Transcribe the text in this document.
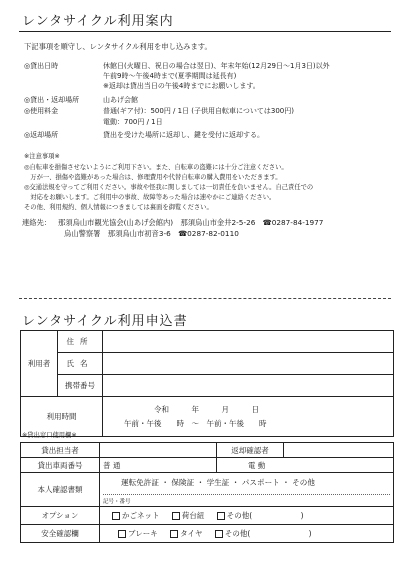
レンタサイクル利用案内
下記事項を順守し、レンタサイクル利用を申し込みます。
◎貸出日時	休館日(火曜日、祝日の場合は翌日)、年末年始(12月29日～1月3日)以外
午前9時～午後4時まで(夏季期間は延長有)
※返却は貸出当日の午後4時までにお願いします。
◎貸出・返却場所	山あげ会館
◎使用料金	普通(ギア付)：500円 / 1日 (子供用自転車については300円)
電動：700円 / 1日
◎返却場所	貸出を受けた場所に返却し、鍵を受付に返却する。
※注意事項※
◎自転車を損傷させないようにご利用下さい。また、自転車の盗難には十分ご注意ください。
　万が一、損傷や盗難があった場合は、修理費用や代替自転車の購入費用をいただきます。
◎交通法規を守ってご利用ください。事故や怪我に関しましては一切責任を負いません。自己責任での
　対応をお願いします。ご利用中の事故、故障等あった場合は速やかにご連絡ください。
その他、利用規約、個人情報につきましては裏面を御覧ください。
連絡先： 那須烏山市観光協会(山あげ会館内)　那須烏山市金井2-5-26　☎0287-84-1977
烏山警察署　那須烏山市初音3-6　☎0287-82-0110
レンタサイクル利用申込書
利用者	住所	
	氏名	
	携帯番号	
利用時間		令和　　　年　　　月　　　日
午前・午後　　時　～　午前・午後　　時
※貸出窓口使用欄※
貸出担当者		返却確認者	
貸出車両番号	普 通	電 動	
本人確認書類	運転免許証 ・ 保険証 ・ 学生証 ・ パスポート ・ その他
記号・番号		

オプション	かごネット 荷台紐 その他( )		
安全確認欄	ブレーキ タイヤ その他( )		
